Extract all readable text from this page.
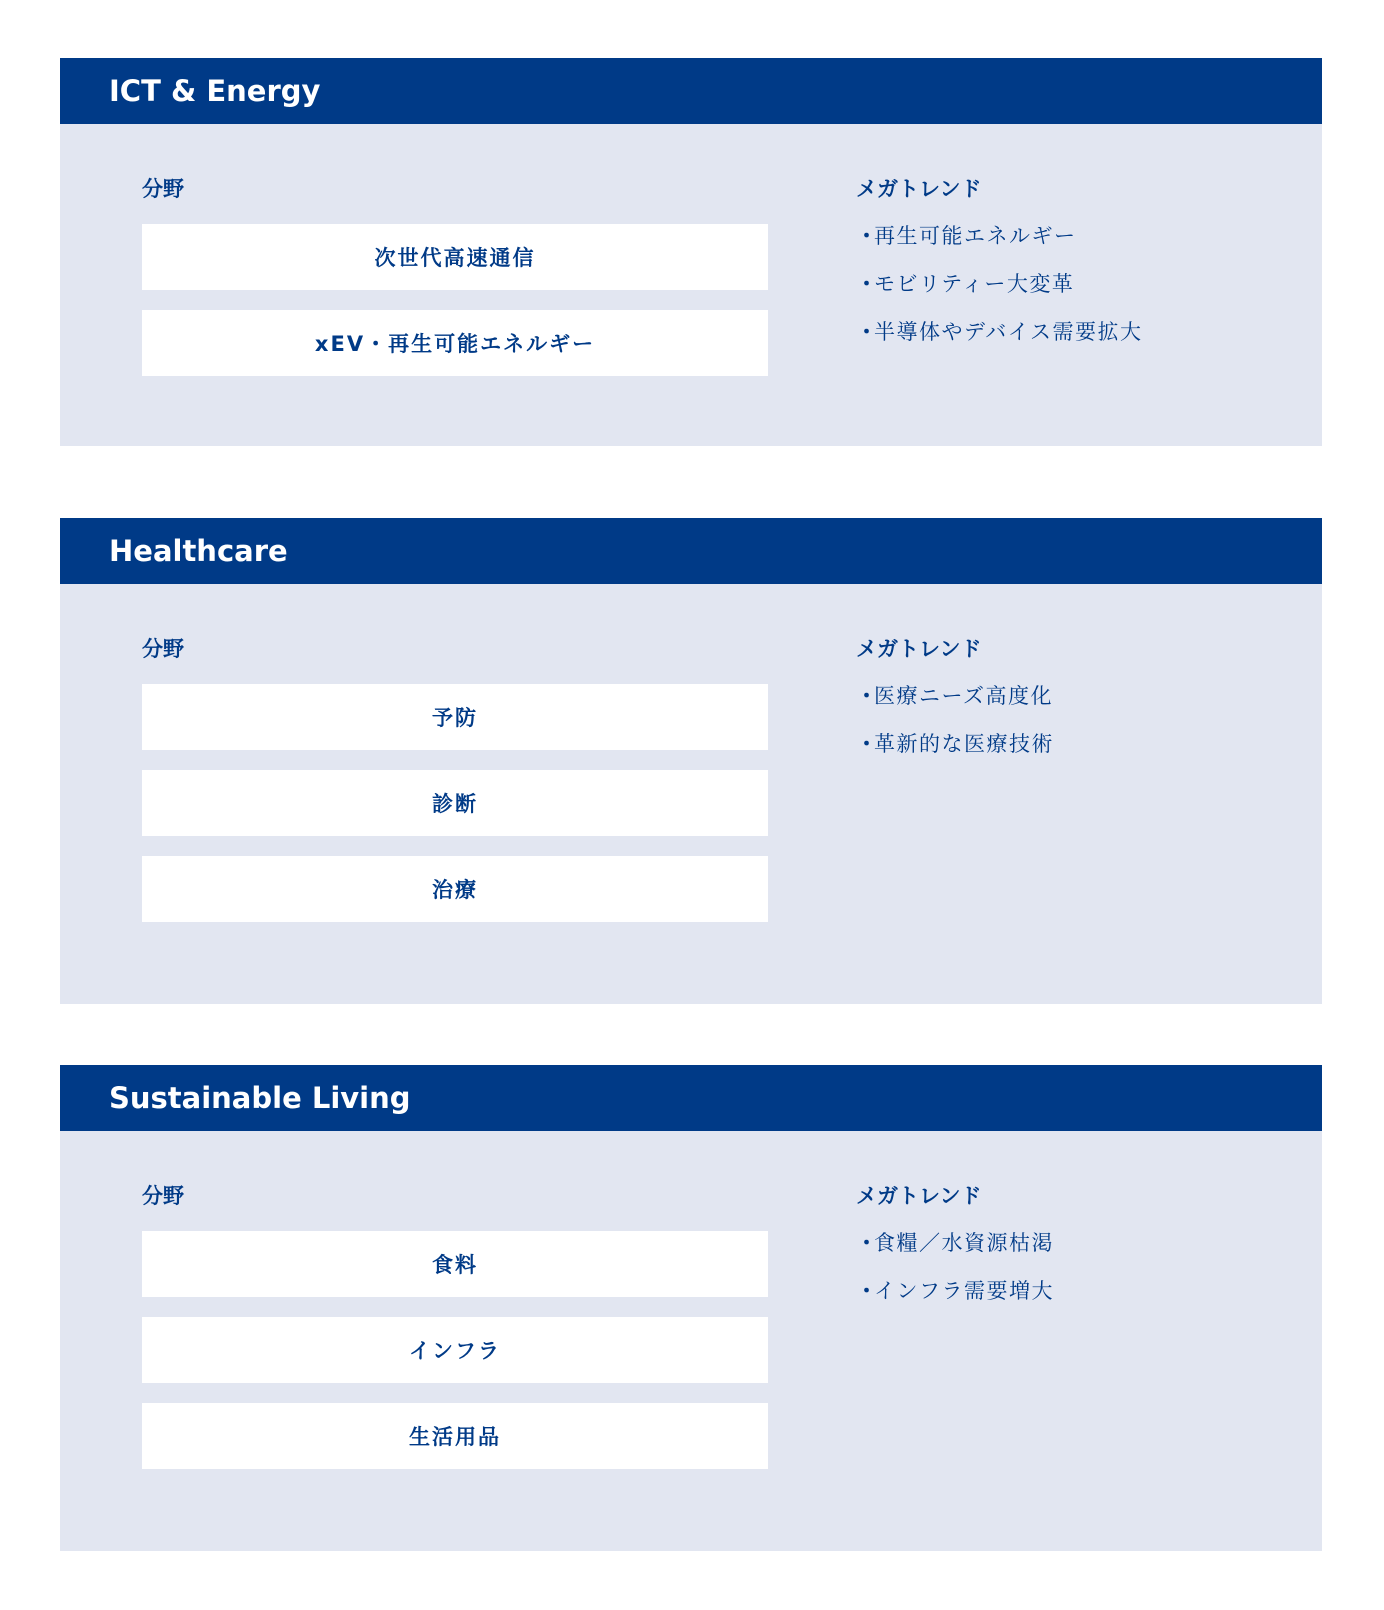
ICT & Energy
分野
次世代高速通信
xEV・再生可能エネルギー
メガトレンド
・再生可能エネルギー
・モビリティー大変革
・半導体やデバイス需要拡大
Healthcare
分野
予防
診断
治療
メガトレンド
・医療ニーズ高度化
・革新的な医療技術
Sustainable Living
分野
食料
インフラ
生活用品
メガトレンド
・食糧／水資源枯渇
・インフラ需要増大
